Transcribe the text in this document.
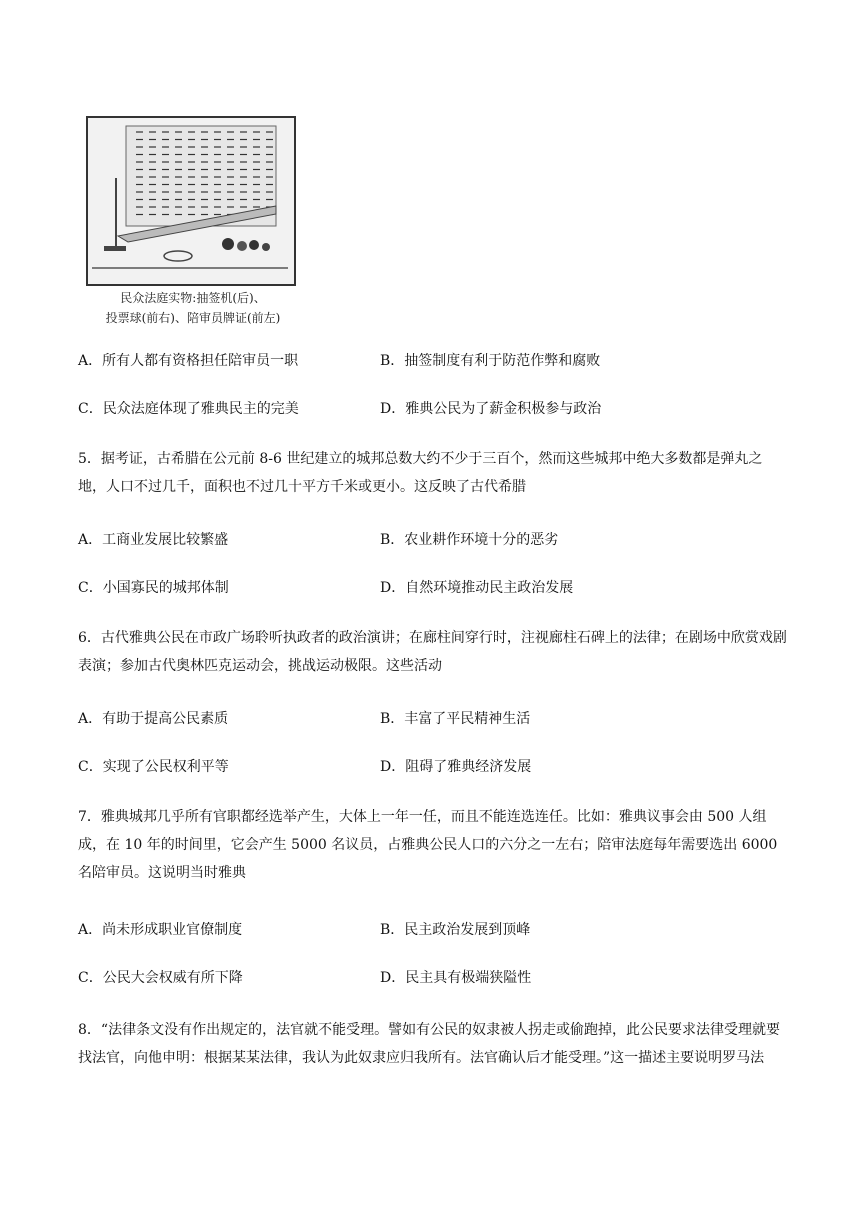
民众法庭实物:抽签机(后)、
投票球(前右)、陪审员牌证(前左)
A．所有人都有资格担任陪审员一职	B．抽签制度有利于防范作弊和腐败
C．民众法庭体现了雅典民主的完美	D．雅典公民为了薪金积极参与政治
5．据考证，古希腊在公元前 8-6 世纪建立的城邦总数大约不少于三百个，然而这些城邦中绝大多数都是弹丸之地，人口不过几千，面积也不过几十平方千米或更小。这反映了古代希腊
A．工商业发展比较繁盛	B．农业耕作环境十分的恶劣
C．小国寡民的城邦体制	D．自然环境推动民主政治发展
6．古代雅典公民在市政广场聆听执政者的政治演讲；在廊柱间穿行时，注视廊柱石碑上的法律；在剧场中欣赏戏剧表演；参加古代奥林匹克运动会，挑战运动极限。这些活动
A．有助于提高公民素质	B．丰富了平民精神生活
C．实现了公民权利平等	D．阻碍了雅典经济发展
7．雅典城邦几乎所有官职都经选举产生，大体上一年一任，而且不能连选连任。比如：雅典议事会由 500 人组成，在 10 年的时间里，它会产生 5000 名议员，占雅典公民人口的六分之一左右；陪审法庭每年需要选出 6000 名陪审员。这说明当时雅典
A．尚未形成职业官僚制度	B．民主政治发展到顶峰
C．公民大会权威有所下降	D．民主具有极端狭隘性
8．“法律条文没有作出规定的，法官就不能受理。譬如有公民的奴隶被人拐走或偷跑掉，此公民要求法律受理就要找法官，向他申明：根据某某法律，我认为此奴隶应归我所有。法官确认后才能受理。”这一描述主要说明罗马法
